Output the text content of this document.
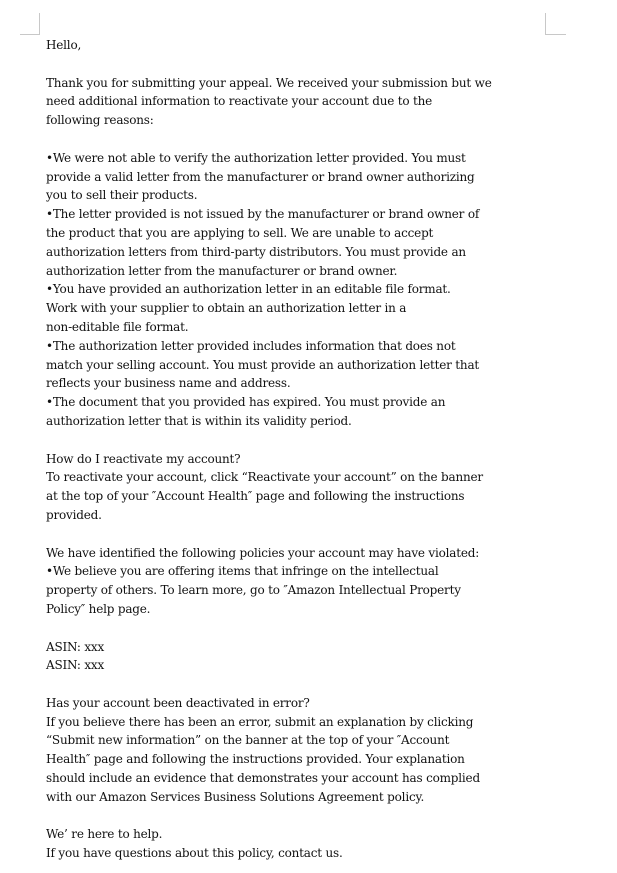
Hello,
Thank you for submitting your appeal. We received your submission but we
need additional information to reactivate your account due to the
following reasons:
•We were not able to verify the authorization letter provided. You must
provide a valid letter from the manufacturer or brand owner authorizing
you to sell their products.
•The letter provided is not issued by the manufacturer or brand owner of
the product that you are applying to sell. We are unable to accept
authorization letters from third-party distributors. You must provide an
authorization letter from the manufacturer or brand owner.
•You have provided an authorization letter in an editable file format.
Work with your supplier to obtain an authorization letter in a
non-editable file format.
•The authorization letter provided includes information that does not
match your selling account. You must provide an authorization letter that
reflects your business name and address.
•The document that you provided has expired. You must provide an
authorization letter that is within its validity period.
How do I reactivate my account?
To reactivate your account, click “Reactivate your account” on the banner
at the top of your ″Account Health″ page and following the instructions
provided.
We have identified the following policies your account may have violated:
•We believe you are offering items that infringe on the intellectual
property of others. To learn more, go to ″Amazon Intellectual Property
Policy″ help page.
ASIN: xxx
ASIN: xxx
Has your account been deactivated in error?
If you believe there has been an error, submit an explanation by clicking
“Submit new information” on the banner at the top of your ″Account
Health″ page and following the instructions provided. Your explanation
should include an evidence that demonstrates your account has complied
with our Amazon Services Business Solutions Agreement policy.
We’ re here to help.
If you have questions about this policy, contact us.
